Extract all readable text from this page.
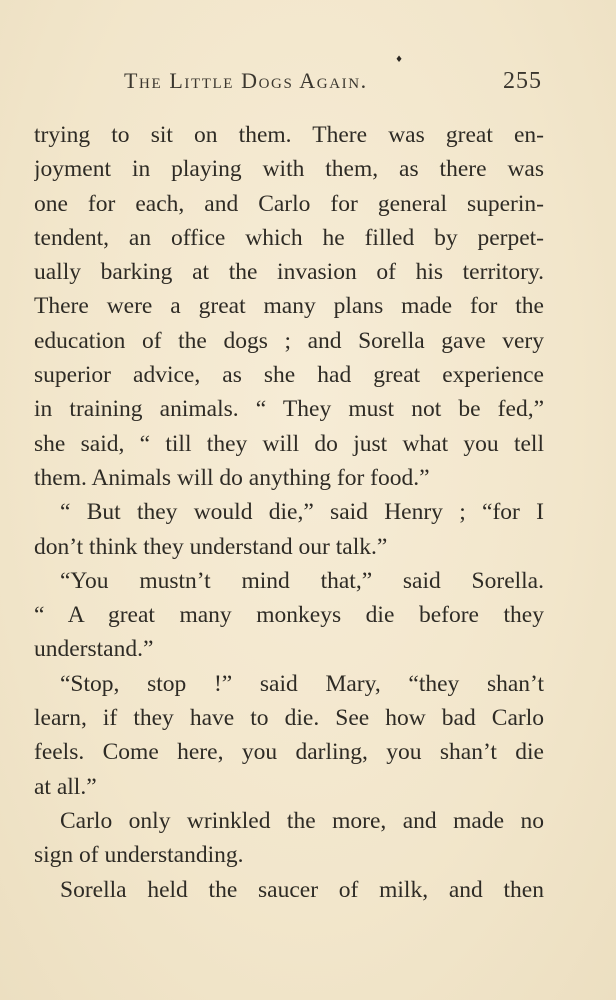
♦
The Little Dogs Again.	255
trying to sit on them. There was great en-
joyment in playing with them, as there was
one for each, and Carlo for general superin-
tendent, an office which he filled by perpet-
ually barking at the invasion of his territory.
There were a great many plans made for the
education of the dogs ; and Sorella gave very
superior advice, as she had great experience
in training animals. “ They must not be fed,”
she said, “ till they will do just what you tell
them. Animals will do anything for food.”
“ But they would die,” said Henry ; “for I
don’t think they understand our talk.”
“You mustn’t mind that,” said Sorella.
“ A great many monkeys die before they
understand.”
“Stop, stop !” said Mary, “they shan’t
learn, if they have to die. See how bad Carlo
feels. Come here, you darling, you shan’t die
at all.”
Carlo only wrinkled the more, and made no
sign of understanding.
Sorella held the saucer of milk, and then
